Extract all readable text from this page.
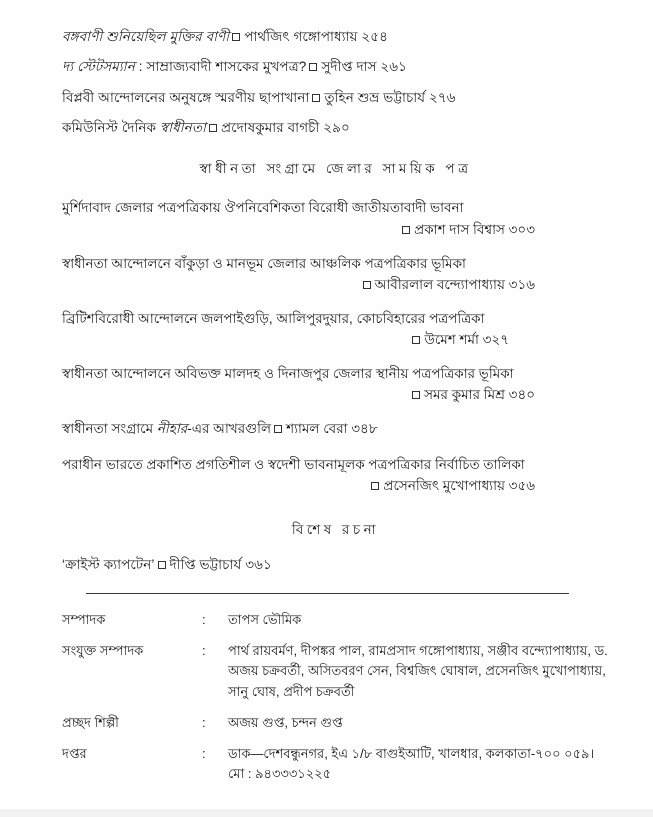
বঙ্গবাণী শুনিয়েছিল মুক্তির বাণী পার্থজিৎ গঙ্গোপাধ্যায় ২৫৪

দ্য স্টেটসম্যান : সাম্রাজ্যবাদী শাসকের মুখপত্র? সুদীপ্ত দাস ২৬১

বিপ্লবী আন্দোলনের অনুষঙ্গে স্মরণীয় ছাপাখানা তুহিন শুভ্র ভট্টাচার্য ২৭৬

কমিউনিস্ট দৈনিক স্বাধীনতা প্রদোষকুমার বাগচী ২৯০

স্বাধীনতা সংগ্রামে জেলার সাময়িক পত্র
মুর্শিদাবাদ জেলার পত্রপত্রিকায় ঔপনিবেশিকতা বিরোধী জাতীয়তাবাদী ভাবনা
প্রকাশ দাস বিশ্বাস ৩০৩
স্বাধীনতা আন্দোলনে বাঁকুড়া ও মানভূম জেলার আঞ্চলিক পত্রপত্রিকার ভূমিকা
আবীরলাল বন্দ্যোপাধ্যায় ৩১৬
ব্রিটিশবিরোধী আন্দোলনে জলপাইগুড়ি, আলিপুরদুয়ার, কোচবিহারের পত্রপত্রিকা
উমেশ শর্মা ৩২৭
স্বাধীনতা আন্দোলনে অবিভক্ত মালদহ ও দিনাজপুর জেলার স্থানীয় পত্রপত্রিকার ভূমিকা
সমর কুমার মিশ্র ৩৪০

স্বাধীনতা সংগ্রামে নীহার-এর আখরগুলি শ্যামল বেরা ৩৪৮

পরাধীন ভারতে প্রকাশিত প্রগতিশীল ও স্বদেশী ভাবনামূলক পত্রপত্রিকার নির্বাচিত তালিকা
প্রসেনজিৎ মুখোপাধ্যায় ৩৫৬
বিশেষ রচনা

‘ক্রাইস্ট ক্যাপটেন’ দীপ্তি ভট্টাচার্য ৩৬১

সম্পাদক	:	তাপস ভৌমিক
সংযুক্ত সম্পাদক	:	পার্থ রায়বর্মণ, দীপঙ্কর পাল, রামপ্রসাদ গঙ্গোপাধ্যায়, সঞ্জীব বন্দ্যোপাধ্যায়, ড. অজয় চক্রবর্তী, অসিতবরণ সেন, বিশ্বজিৎ ঘোষাল, প্রসেনজিৎ মুখোপাধ্যায়, সানু ঘোষ, প্রদীপ চক্রবর্তী
প্রচ্ছদ শিল্পী	:	অজয় গুপ্ত, চন্দন গুপ্ত
দপ্তর	:	ডাক—দেশবন্ধুনগর, ইএ ১/৮ বাগুইআটি, খালধার, কলকাতা-৭০০ ০৫৯। মো : ৯৪৩৩৩১২২৫
